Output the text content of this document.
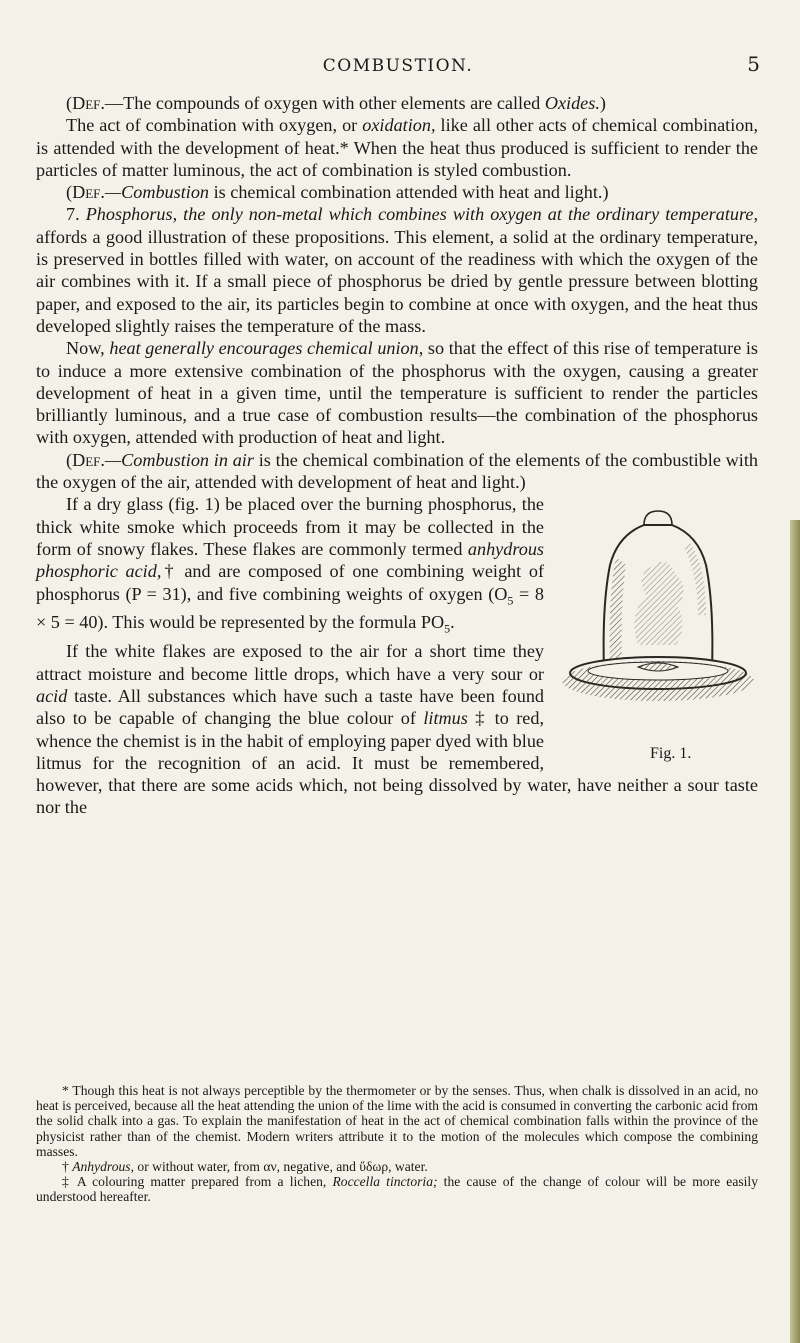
COMBUSTION.	5

(Def.—The compounds of oxygen with other elements are called Oxides.)

The act of combination with oxygen, or oxidation, like all other acts of chemical combination, is attended with the development of heat.* When the heat thus produced is sufficient to render the particles of matter luminous, the act of combination is styled combustion.

(Def.—Combustion is chemical combination attended with heat and light.)

7. Phosphorus, the only non-metal which combines with oxygen at the ordinary temperature, affords a good illustration of these propositions. This element, a solid at the ordinary temperature, is preserved in bottles filled with water, on account of the readiness with which the oxygen of the air combines with it. If a small piece of phosphorus be dried by gentle pressure between blotting paper, and exposed to the air, its particles begin to combine at once with oxygen, and the heat thus developed slightly raises the temperature of the mass.

Now, heat generally encourages chemical union, so that the effect of this rise of temperature is to induce a more extensive combination of the phosphorus with the oxygen, causing a greater development of heat in a given time, until the temperature is sufficient to render the particles brilliantly luminous, and a true case of combustion results—the combination of the phosphorus with oxygen, attended with production of heat and light.

(Def.—Combustion in air is the chemical combination of the elements of the combustible with the oxygen of the air, attended with development of heat and light.)

Fig. 1.

If a dry glass (fig. 1) be placed over the burning phosphorus, the thick white smoke which proceeds from it may be collected in the form of snowy flakes. These flakes are commonly termed anhydrous phosphoric acid,† and are composed of one combining weight of phosphorus (P = 31), and five combining weights of oxygen $(O_5 = 8 \times 5 = 40)$. This would be represented by the formula $PO_5$.

If the white flakes are exposed to the air for a short time they attract moisture and become little drops, which have a very sour or acid taste. All substances which have such a taste have been found also to be capable of changing the blue colour of litmus ‡ to red, whence the chemist is in the habit of employing paper dyed with blue litmus for the recognition of an acid. It must be remembered, however, that there are some acids which, not being dissolved by water, have neither a sour taste nor the

* Though this heat is not always perceptible by the thermometer or by the senses. Thus, when chalk is dissolved in an acid, no heat is perceived, because all the heat attending the union of the lime with the acid is consumed in converting the carbonic acid from the solid chalk into a gas. To explain the manifestation of heat in the act of chemical combination falls within the province of the physicist rather than of the chemist. Modern writers attribute it to the motion of the molecules which compose the combining masses.

† Anhydrous, or without water, from αν, negative, and ὕδωρ, water.

‡ A colouring matter prepared from a lichen, Roccella tinctoria; the cause of the change of colour will be more easily understood hereafter.
